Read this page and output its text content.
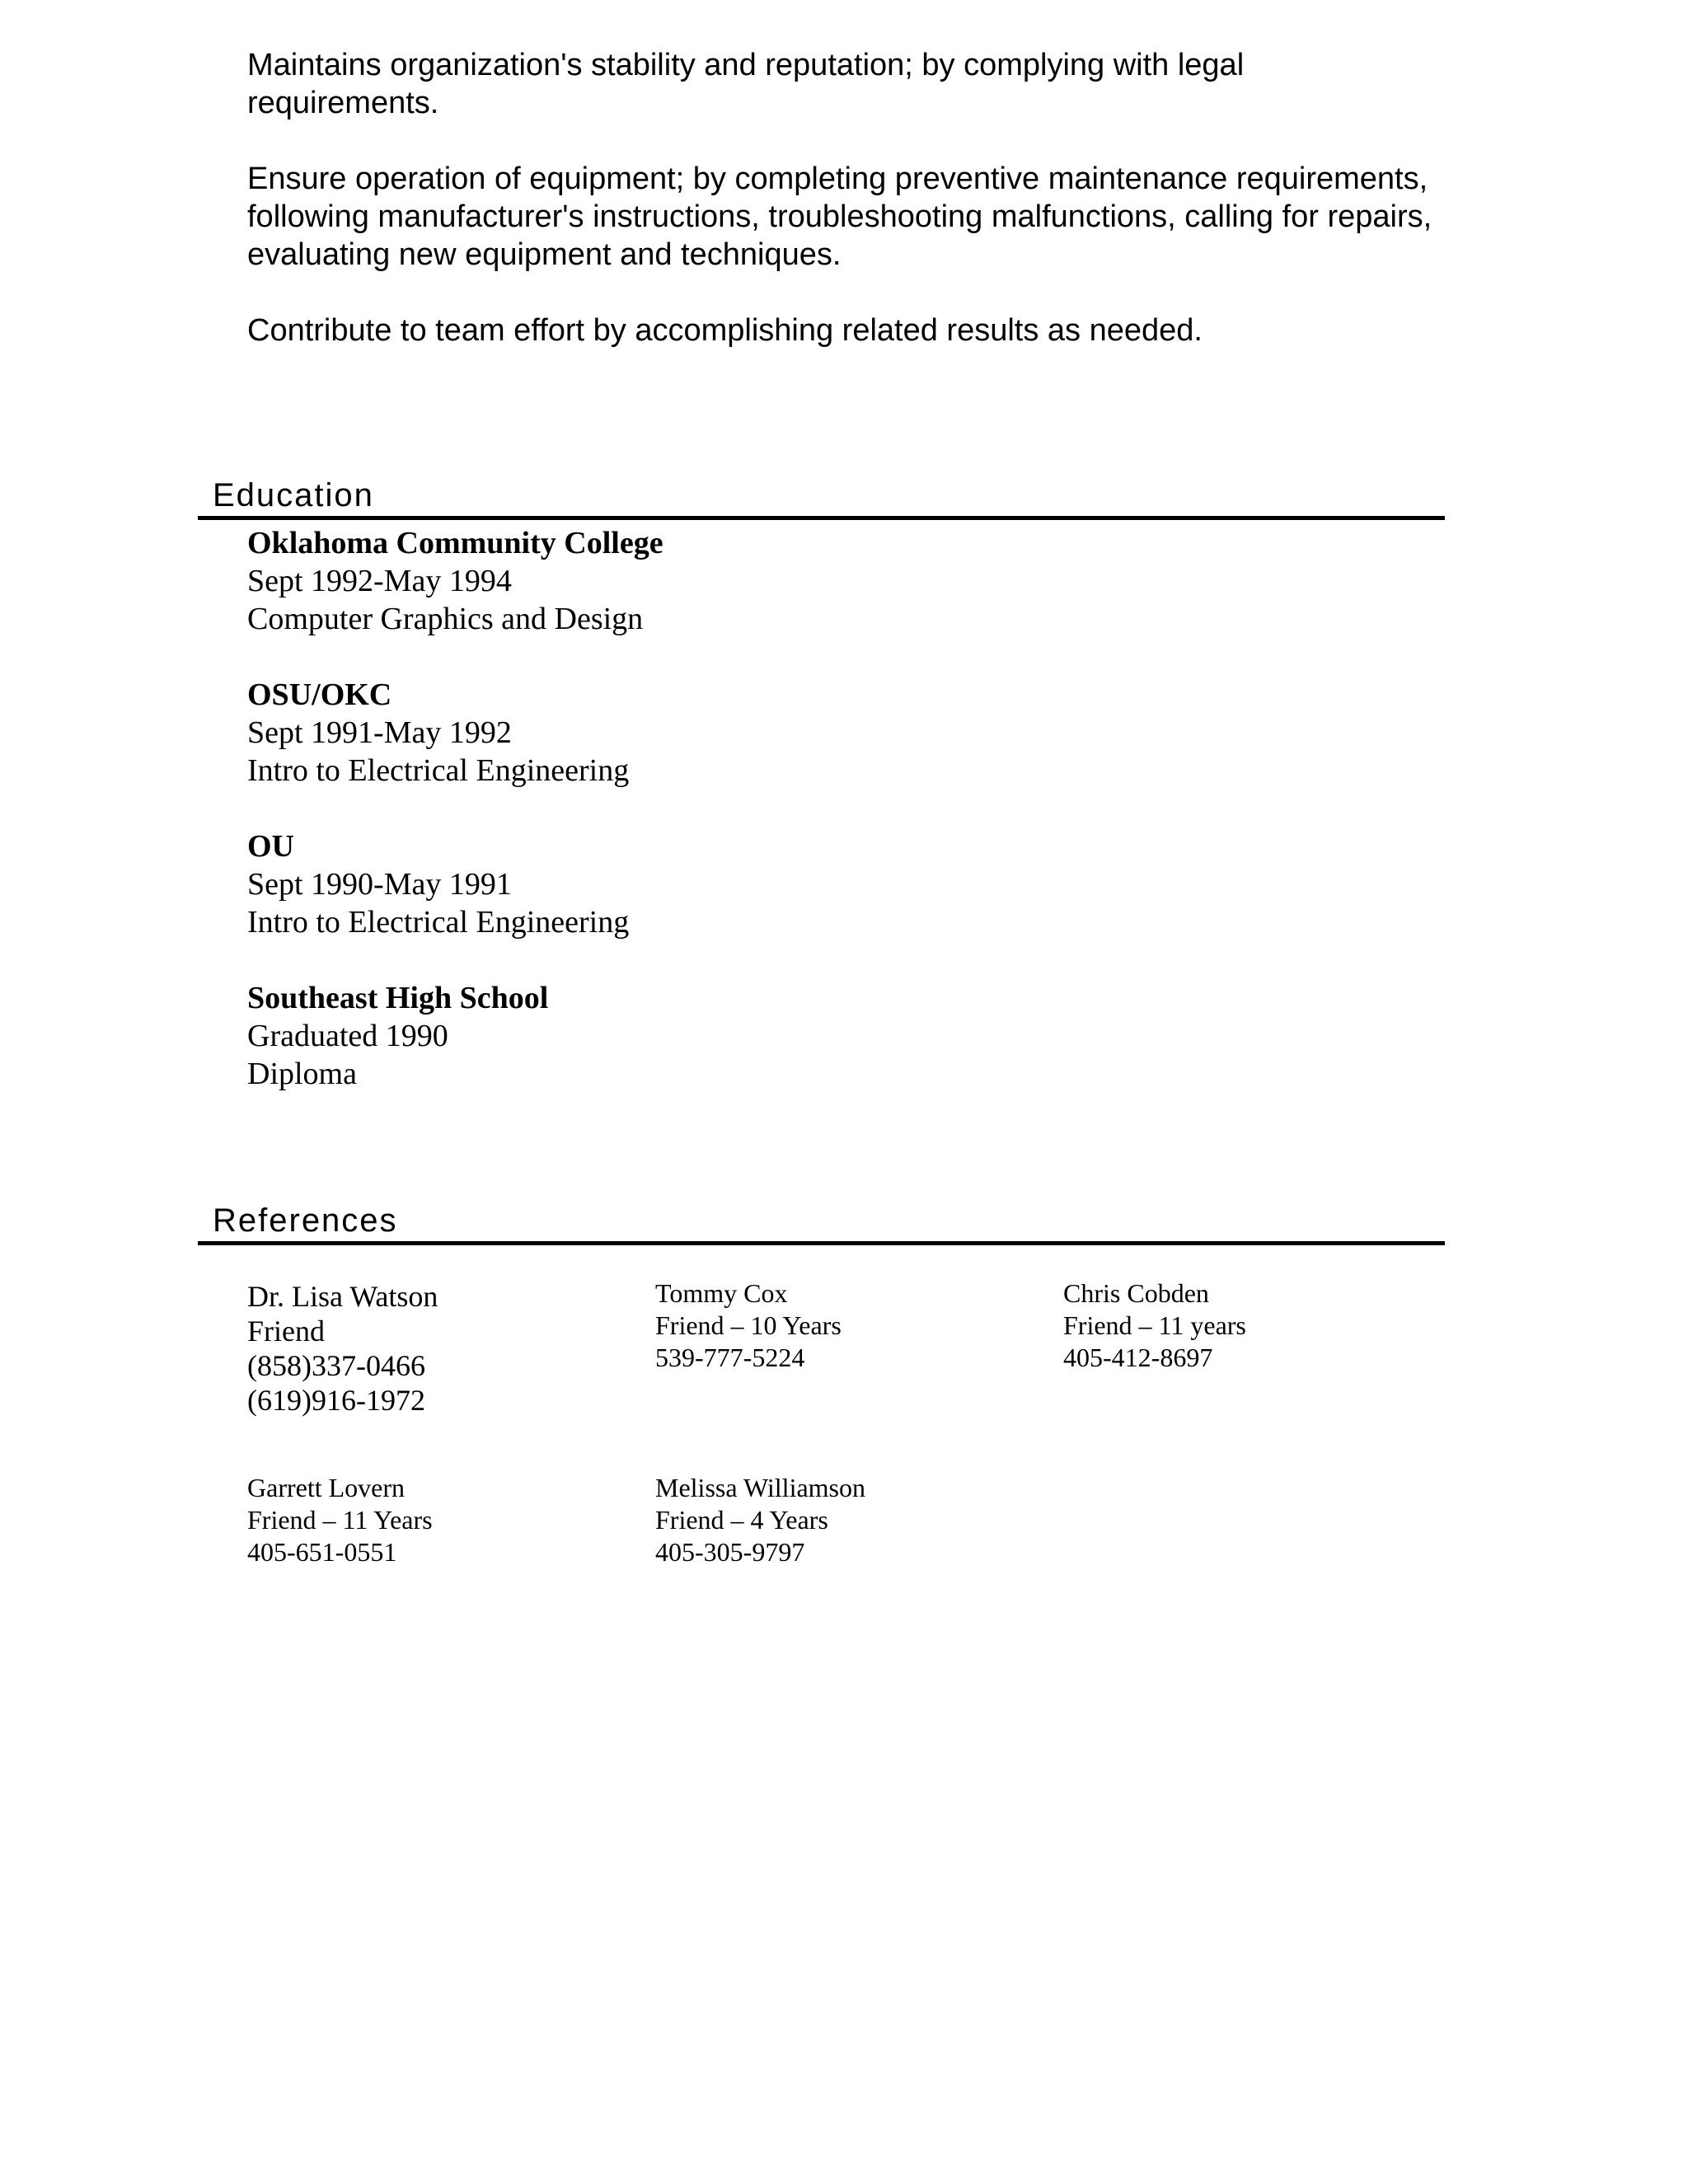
Maintains organization's stability and reputation; by complying with legal requirements.

Ensure operation of equipment; by completing preventive maintenance requirements, following manufacturer's instructions, troubleshooting malfunctions, calling for repairs, evaluating new equipment and techniques.

Contribute to team effort by accomplishing related results as needed.

Education
Oklahoma Community College
Sept 1992-May 1994
Computer Graphics and Design
OSU/OKC
Sept 1991-May 1992
Intro to Electrical Engineering
OU
Sept 1990-May 1991
Intro to Electrical Engineering
Southeast High School
Graduated 1990
Diploma
References
Dr. Lisa Watson
Friend
(858)337-0466
(619)916-1972
Tommy Cox
Friend – 10 Years
539-777-5224
Chris Cobden
Friend – 11 years
405-412-8697
Garrett Lovern
Friend – 11 Years
405-651-0551
Melissa Williamson
Friend – 4 Years
405-305-9797
